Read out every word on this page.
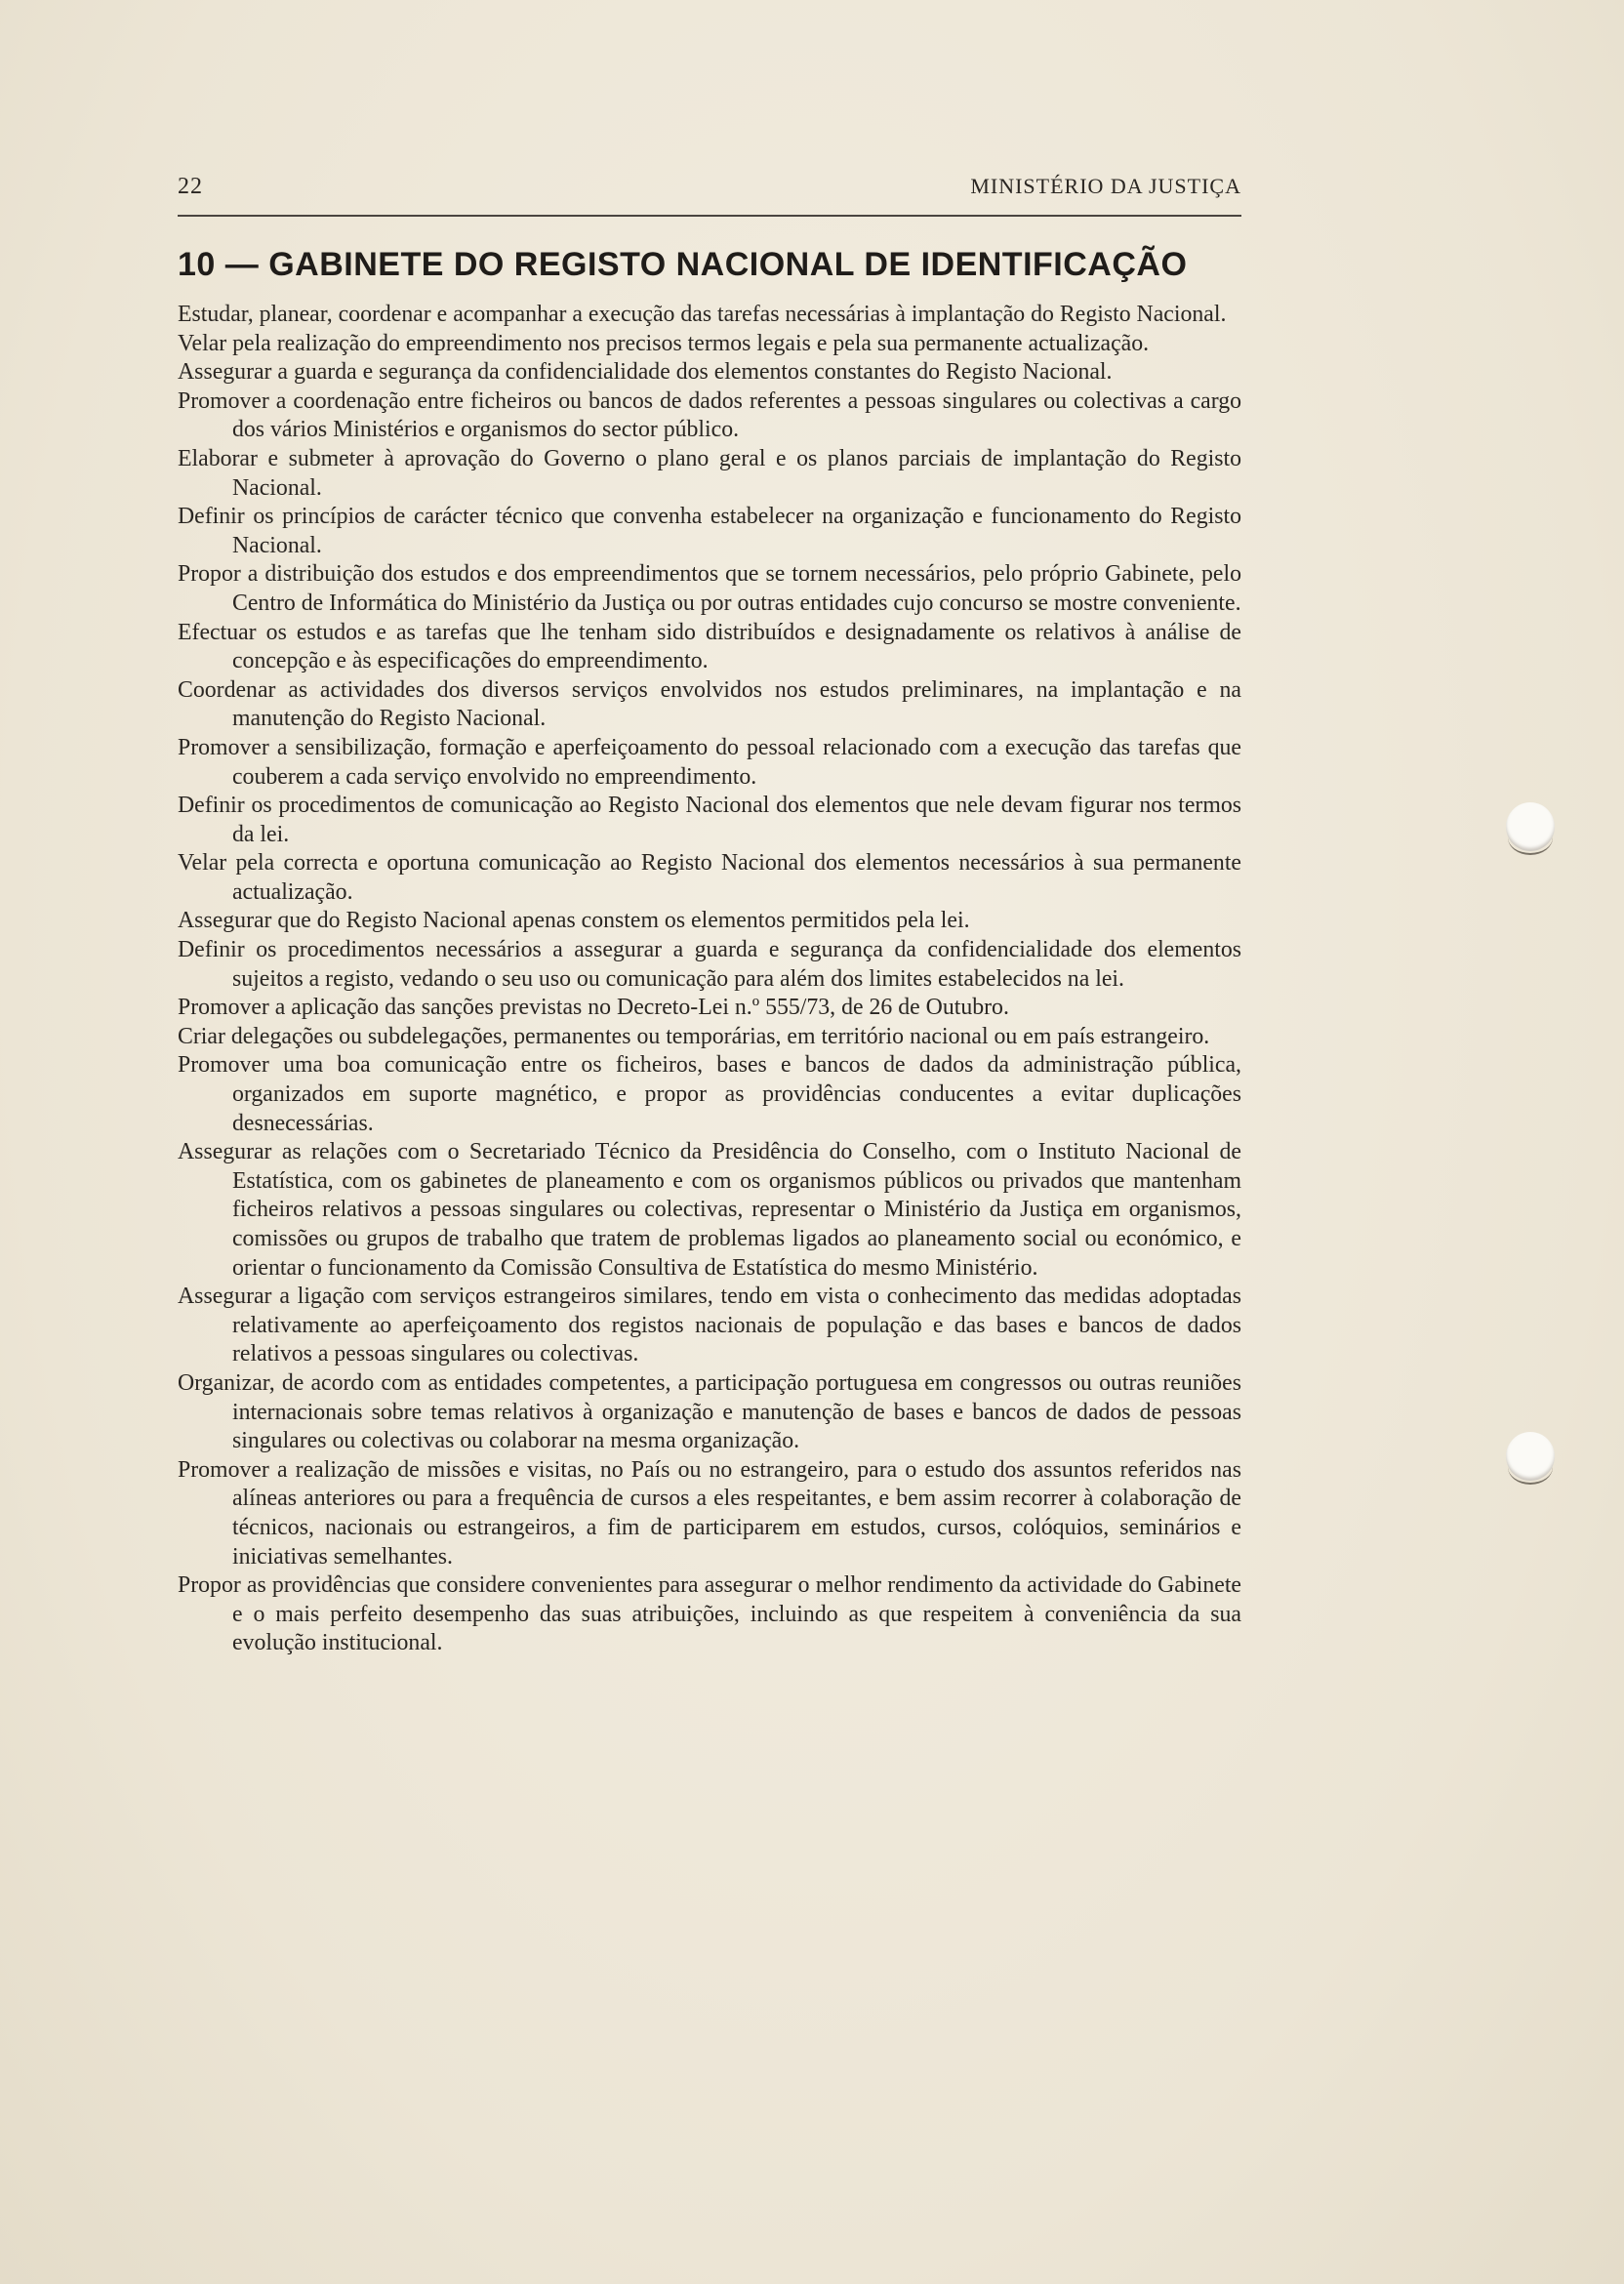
22	MINISTÉRIO DA JUSTIÇA
10 — GABINETE DO REGISTO NACIONAL DE IDENTIFICAÇÃO

Estudar, planear, coordenar e acompanhar a execução das tarefas necessárias à implantação do Registo Nacional.

Velar pela realização do empreendimento nos precisos termos legais e pela sua permanente actualização.

Assegurar a guarda e segurança da confidencialidade dos elementos constantes do Registo Nacional.

Promover a coordenação entre ficheiros ou bancos de dados referentes a pessoas singulares ou colectivas a cargo dos vários Ministérios e organismos do sector público.

Elaborar e submeter à aprovação do Governo o plano geral e os planos parciais de implantação do Registo Nacional.

Definir os princípios de carácter técnico que convenha estabelecer na organização e funcionamento do Registo Nacional.

Propor a distribuição dos estudos e dos empreendimentos que se tornem necessários, pelo próprio Gabinete, pelo Centro de Informática do Ministério da Justiça ou por outras entidades cujo concurso se mostre conveniente.

Efectuar os estudos e as tarefas que lhe tenham sido distribuídos e designadamente os relativos à análise de concepção e às especificações do empreendimento.

Coordenar as actividades dos diversos serviços envolvidos nos estudos preliminares, na implantação e na manutenção do Registo Nacional.

Promover a sensibilização, formação e aperfeiçoamento do pessoal relacionado com a execução das tarefas que couberem a cada serviço envolvido no empreendimento.

Definir os procedimentos de comunicação ao Registo Nacional dos elementos que nele devam figurar nos termos da lei.

Velar pela correcta e oportuna comunicação ao Registo Nacional dos elementos necessários à sua permanente actualização.

Assegurar que do Registo Nacional apenas constem os elementos permitidos pela lei.

Definir os procedimentos necessários a assegurar a guarda e segurança da confidencialidade dos elementos sujeitos a registo, vedando o seu uso ou comunicação para além dos limites estabelecidos na lei.

Promover a aplicação das sanções previstas no Decreto-Lei n.º 555/73, de 26 de Outubro.

Criar delegações ou subdelegações, permanentes ou temporárias, em território nacional ou em país estrangeiro.

Promover uma boa comunicação entre os ficheiros, bases e bancos de dados da administração pública, organizados em suporte magnético, e propor as providências conducentes a evitar duplicações desnecessárias.

Assegurar as relações com o Secretariado Técnico da Presidência do Conselho, com o Instituto Nacional de Estatística, com os gabinetes de planeamento e com os organismos públicos ou privados que mantenham ficheiros relativos a pessoas singulares ou colectivas, representar o Ministério da Justiça em organismos, comissões ou grupos de trabalho que tratem de problemas ligados ao planeamento social ou económico, e orientar o funcionamento da Comissão Consultiva de Estatística do mesmo Ministério.

Assegurar a ligação com serviços estrangeiros similares, tendo em vista o conhecimento das medidas adoptadas relativamente ao aperfeiçoamento dos registos nacionais de população e das bases e bancos de dados relativos a pessoas singulares ou colectivas.

Organizar, de acordo com as entidades competentes, a participação portuguesa em congressos ou outras reuniões internacionais sobre temas relativos à organização e manutenção de bases e bancos de dados de pessoas singulares ou colectivas ou colaborar na mesma organização.

Promover a realização de missões e visitas, no País ou no estrangeiro, para o estudo dos assuntos referidos nas alíneas anteriores ou para a frequência de cursos a eles respeitantes, e bem assim recorrer à colaboração de técnicos, nacionais ou estrangeiros, a fim de participarem em estudos, cursos, colóquios, seminários e iniciativas semelhantes.

Propor as providências que considere convenientes para assegurar o melhor rendimento da actividade do Gabinete e o mais perfeito desempenho das suas atribuições, incluindo as que respeitem à conveniência da sua evolução institucional.
